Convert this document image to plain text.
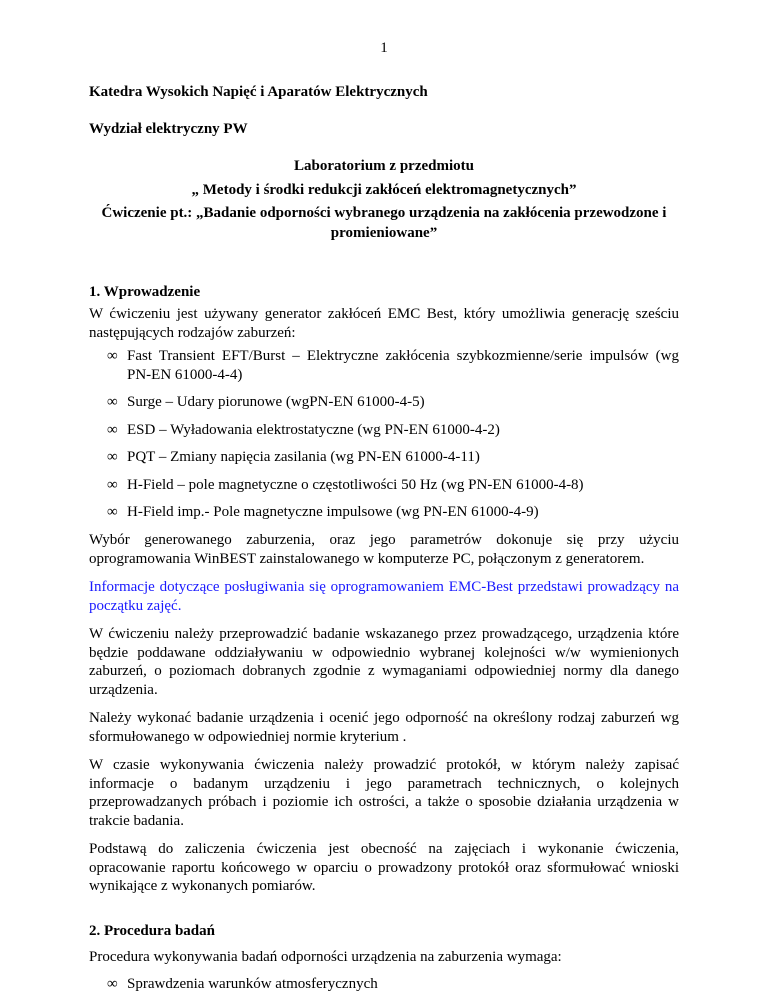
1
Katedra Wysokich Napięć i Aparatów Elektrycznych
Wydział elektryczny PW
Laboratorium z przedmiotu
„ Metody i środki redukcji zakłóceń elektromagnetycznych”
Ćwiczenie pt.: „Badanie odporności wybranego urządzenia na zakłócenia przewodzone i promieniowane”
1. Wprowadzenie
W ćwiczeniu jest używany generator zakłóceń EMC Best, który umożliwia generację sześciu następujących rodzajów zaburzeń:
∞ Fast Transient EFT/Burst – Elektryczne zakłócenia szybkozmienne/serie impulsów (wg PN-EN 61000-4-4)
∞ Surge – Udary piorunowe (wgPN-EN 61000-4-5)
∞ ESD – Wyładowania elektrostatyczne (wg PN-EN 61000-4-2)
∞ PQT – Zmiany napięcia zasilania (wg PN-EN 61000-4-11)
∞ H-Field – pole magnetyczne o częstotliwości 50 Hz (wg PN-EN 61000-4-8)
∞ H-Field imp.- Pole magnetyczne impulsowe (wg PN-EN 61000-4-9)
Wybór generowanego zaburzenia, oraz jego parametrów dokonuje się przy użyciu oprogramowania WinBEST zainstalowanego w komputerze PC, połączonym z generatorem.
Informacje dotyczące posługiwania się oprogramowaniem EMC-Best przedstawi prowadzący na początku zajęć.
W ćwiczeniu należy przeprowadzić badanie wskazanego przez prowadzącego, urządzenia które będzie poddawane oddziaływaniu w odpowiednio wybranej kolejności w/w wymienionych zaburzeń, o poziomach dobranych zgodnie z wymaganiami odpowiedniej normy dla danego urządzenia.
Należy wykonać badanie urządzenia i ocenić jego odporność na określony rodzaj zaburzeń wg sformułowanego w odpowiedniej normie kryterium .
W czasie wykonywania ćwiczenia należy prowadzić protokół, w którym należy zapisać informacje o badanym urządzeniu i jego parametrach technicznych, o kolejnych przeprowadzanych próbach i poziomie ich ostrości, a także o sposobie działania urządzenia w trakcie badania.
Podstawą do zaliczenia ćwiczenia jest obecność na zajęciach i wykonanie ćwiczenia, opracowanie raportu końcowego w oparciu o prowadzony protokół oraz sformułować wnioski wynikające z wykonanych pomiarów.
2. Procedura badań
Procedura wykonywania badań odporności urządzenia na zaburzenia wymaga:
∞ Sprawdzenia warunków atmosferycznych
